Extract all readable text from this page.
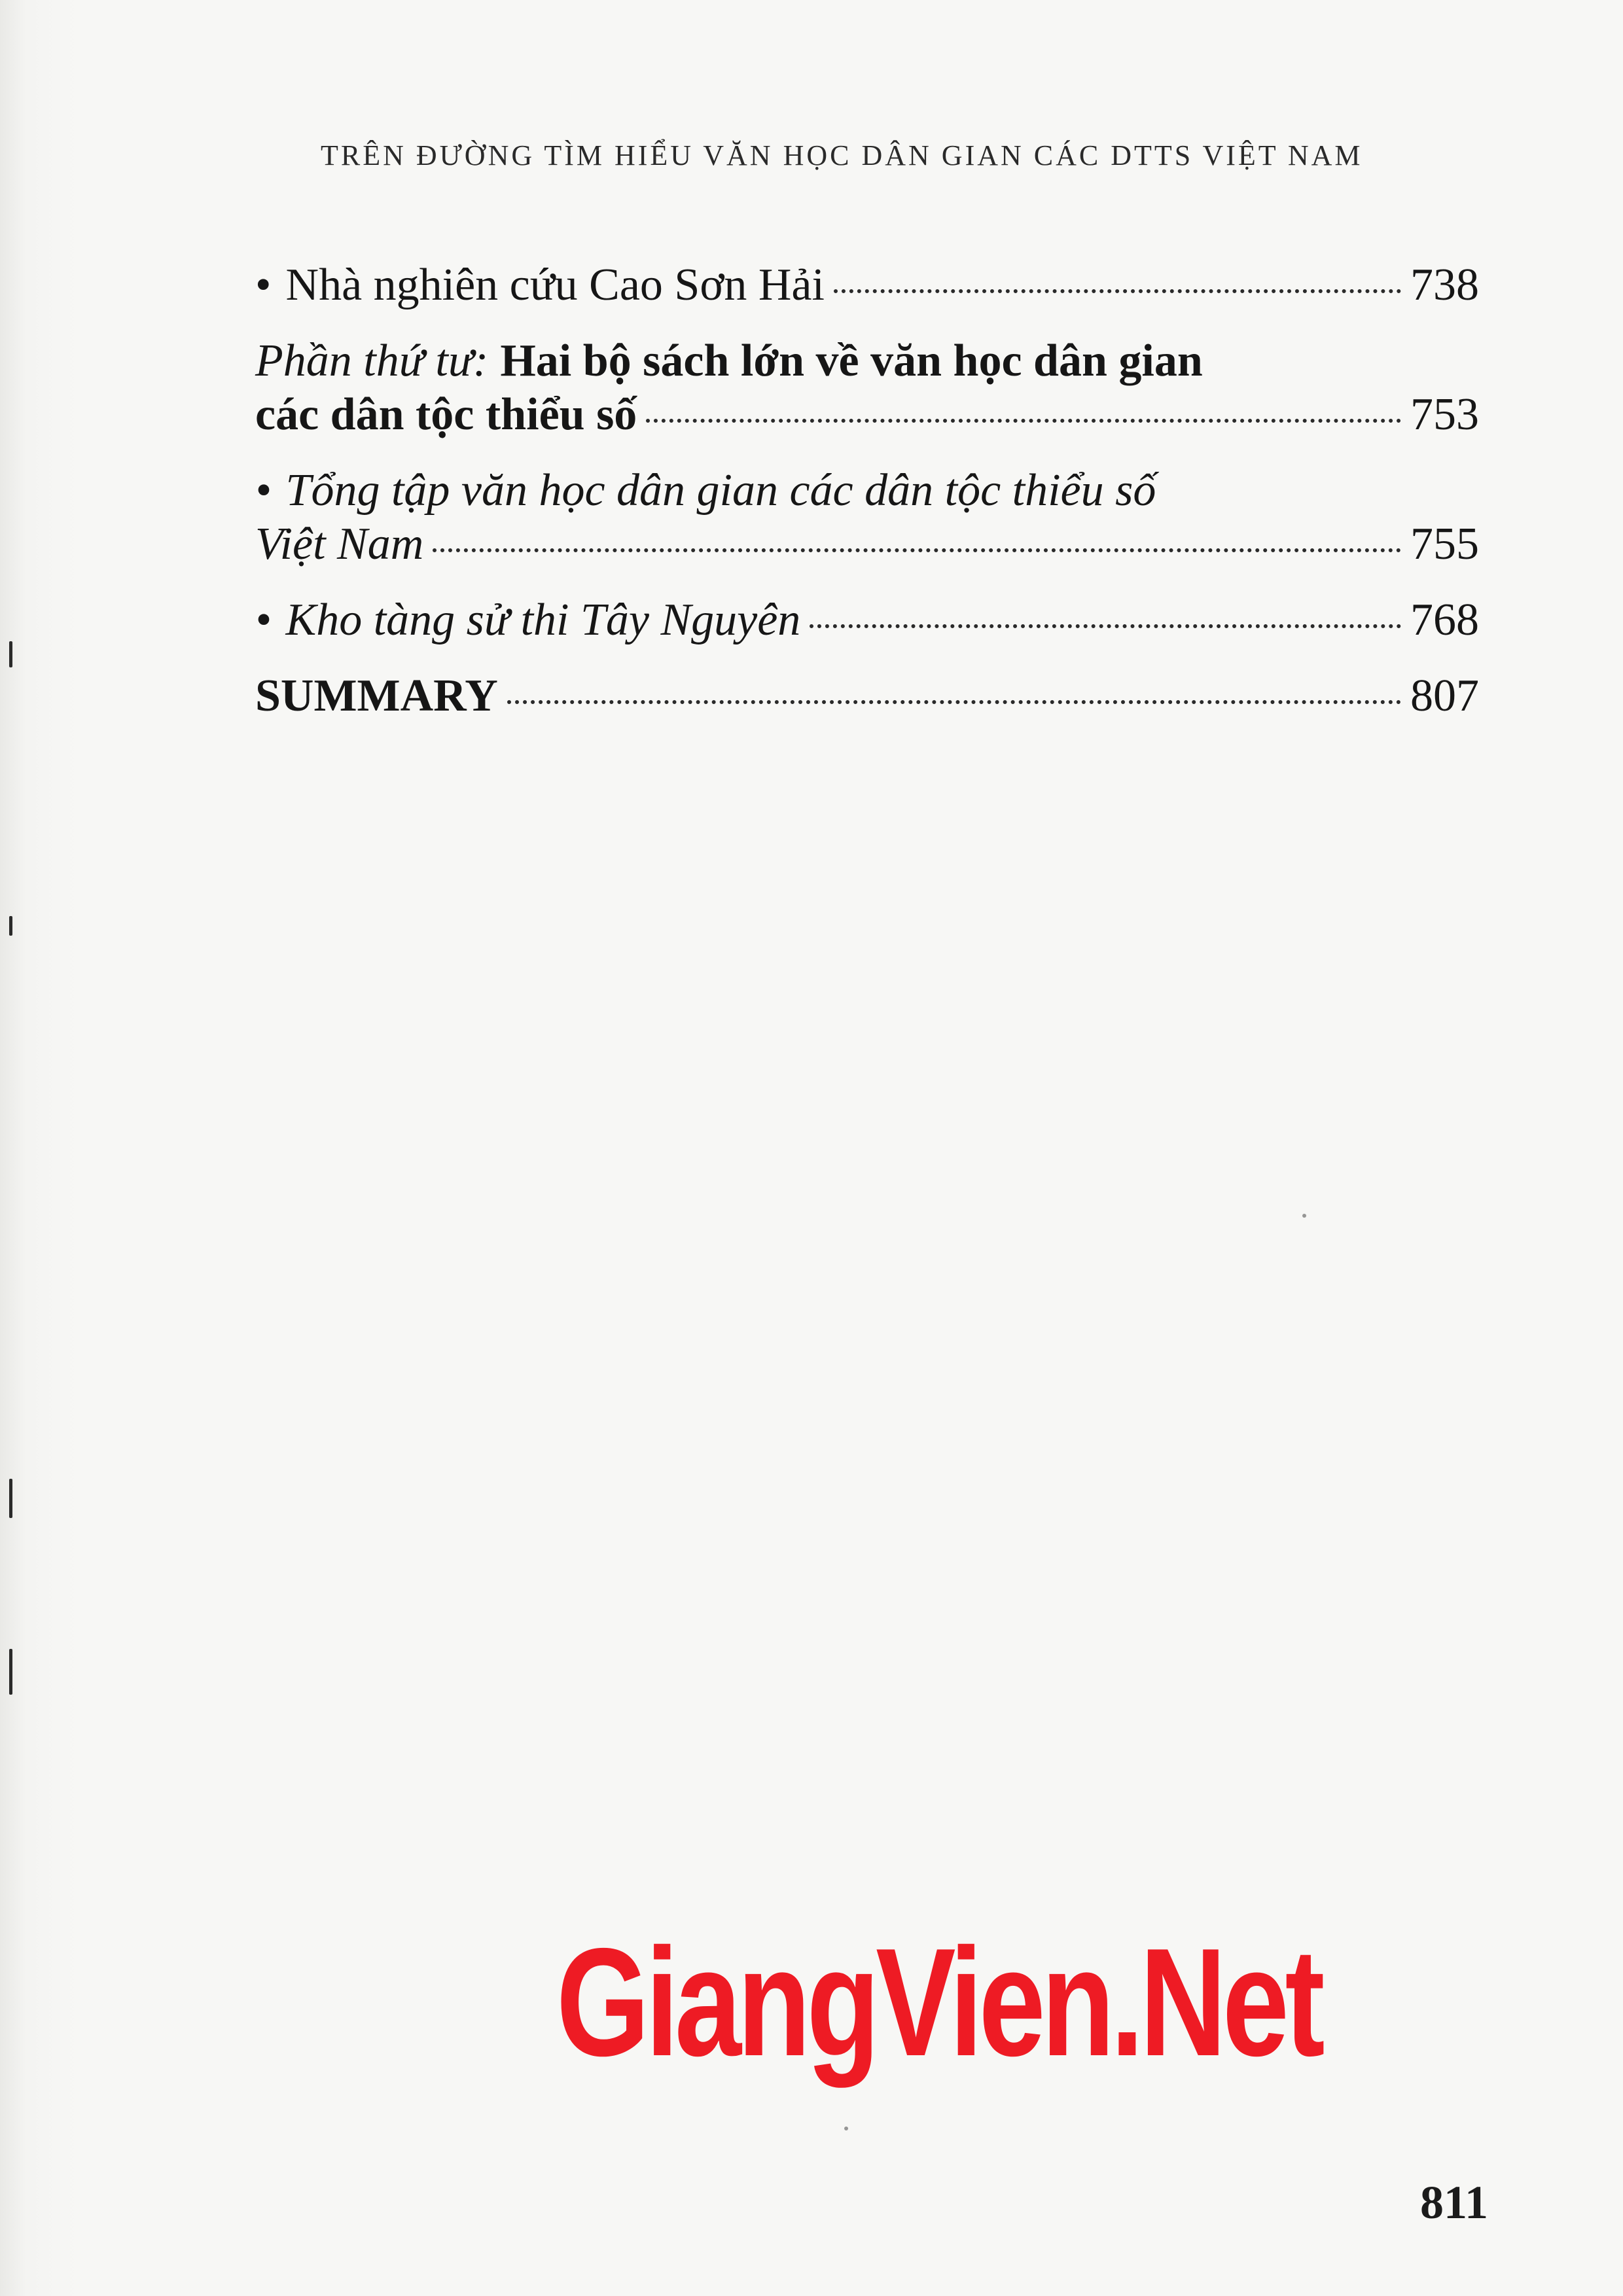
TRÊN ĐƯỜNG TÌM HIỂU VĂN HỌC DÂN GIAN CÁC DTTS VIỆT NAM
• Nhà nghiên cứu Cao Sơn Hải	738
Phần thứ tư: Hai bộ sách lớn về văn học dân gian
các dân tộc thiểu số	753
• Tổng tập văn học dân gian các dân tộc thiểu số
Việt Nam	755
• Kho tàng sử thi Tây Nguyên	768
SUMMARY	807
GiangVien.Net
811
